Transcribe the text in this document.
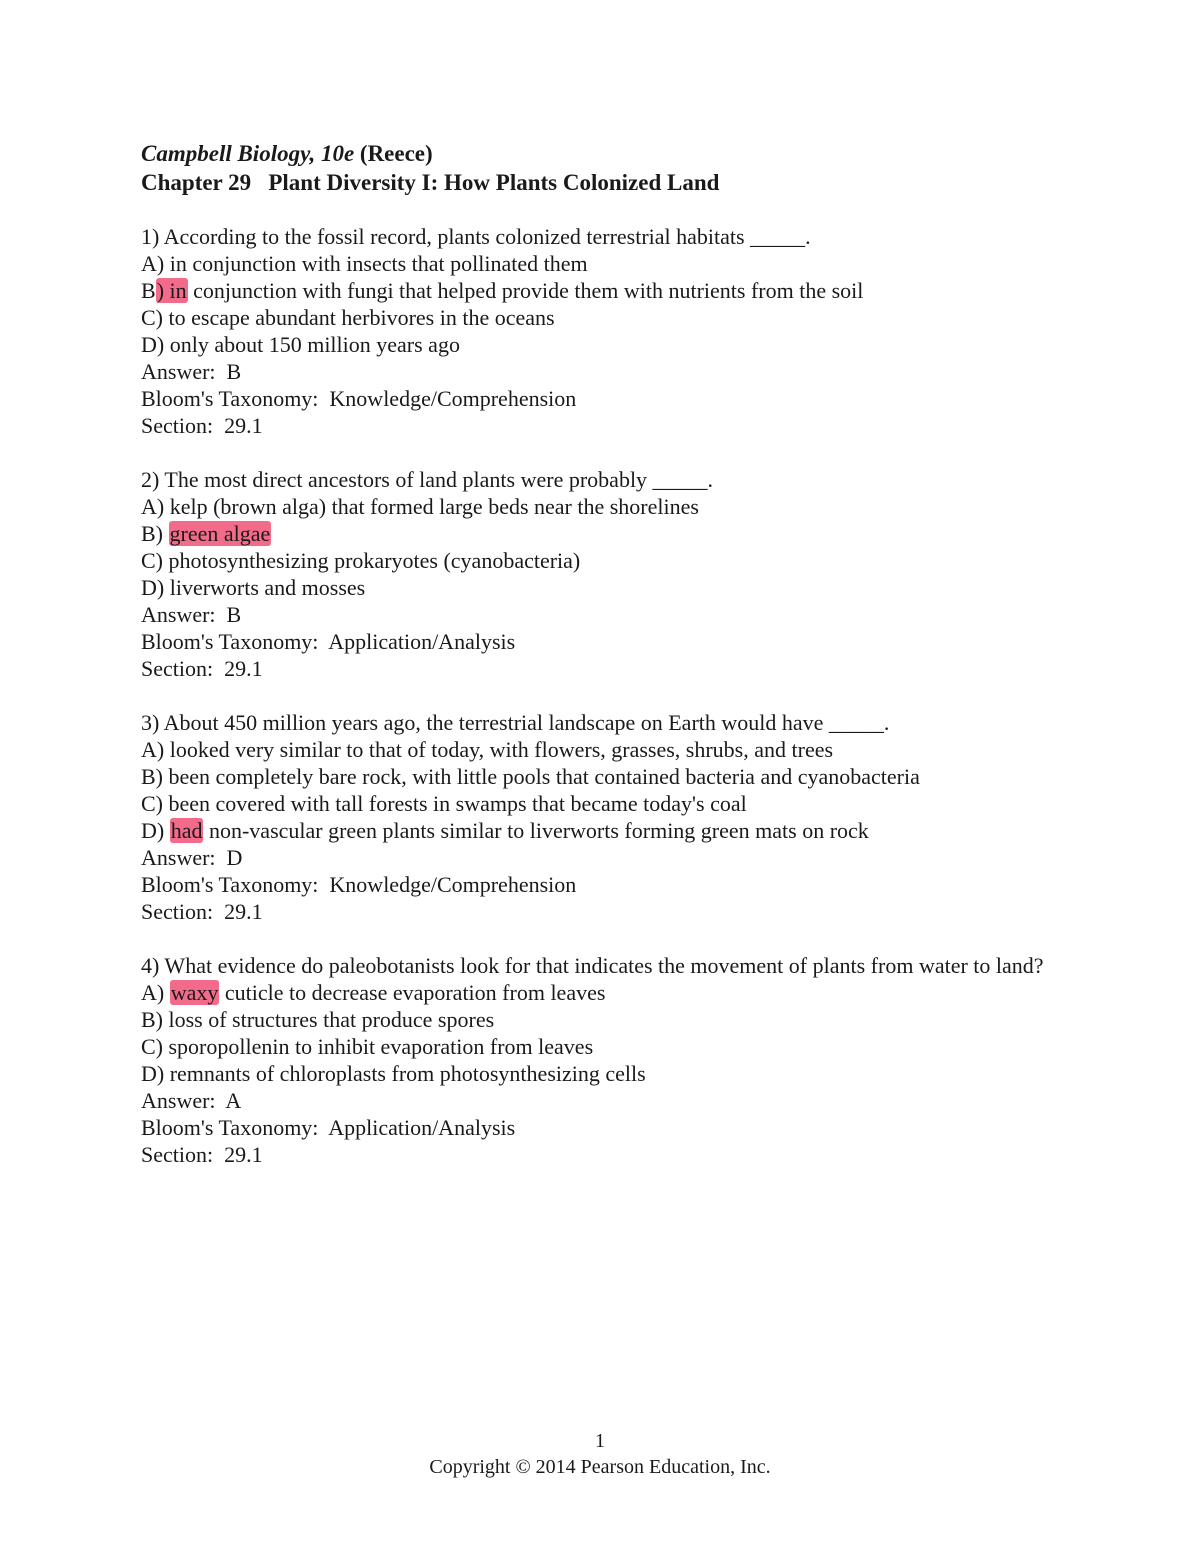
Campbell Biology, 10e (Reece)
Chapter 29   Plant Diversity I: How Plants Colonized Land
1) According to the fossil record, plants colonized terrestrial habitats _____.
A) in conjunction with insects that pollinated them
B) in conjunction with fungi that helped provide them with nutrients from the soil
C) to escape abundant herbivores in the oceans
D) only about 150 million years ago
Answer:  B
Bloom's Taxonomy:  Knowledge/Comprehension
Section:  29.1
2) The most direct ancestors of land plants were probably _____.
A) kelp (brown alga) that formed large beds near the shorelines
B) green algae
C) photosynthesizing prokaryotes (cyanobacteria)
D) liverworts and mosses
Answer:  B
Bloom's Taxonomy:  Application/Analysis
Section:  29.1
3) About 450 million years ago, the terrestrial landscape on Earth would have _____.
A) looked very similar to that of today, with flowers, grasses, shrubs, and trees
B) been completely bare rock, with little pools that contained bacteria and cyanobacteria
C) been covered with tall forests in swamps that became today's coal
D) had non-vascular green plants similar to liverworts forming green mats on rock
Answer:  D
Bloom's Taxonomy:  Knowledge/Comprehension
Section:  29.1
4) What evidence do paleobotanists look for that indicates the movement of plants from water to land?
A) waxy cuticle to decrease evaporation from leaves
B) loss of structures that produce spores
C) sporopollenin to inhibit evaporation from leaves
D) remnants of chloroplasts from photosynthesizing cells
Answer:  A
Bloom's Taxonomy:  Application/Analysis
Section:  29.1
1
Copyright © 2014 Pearson Education, Inc.
